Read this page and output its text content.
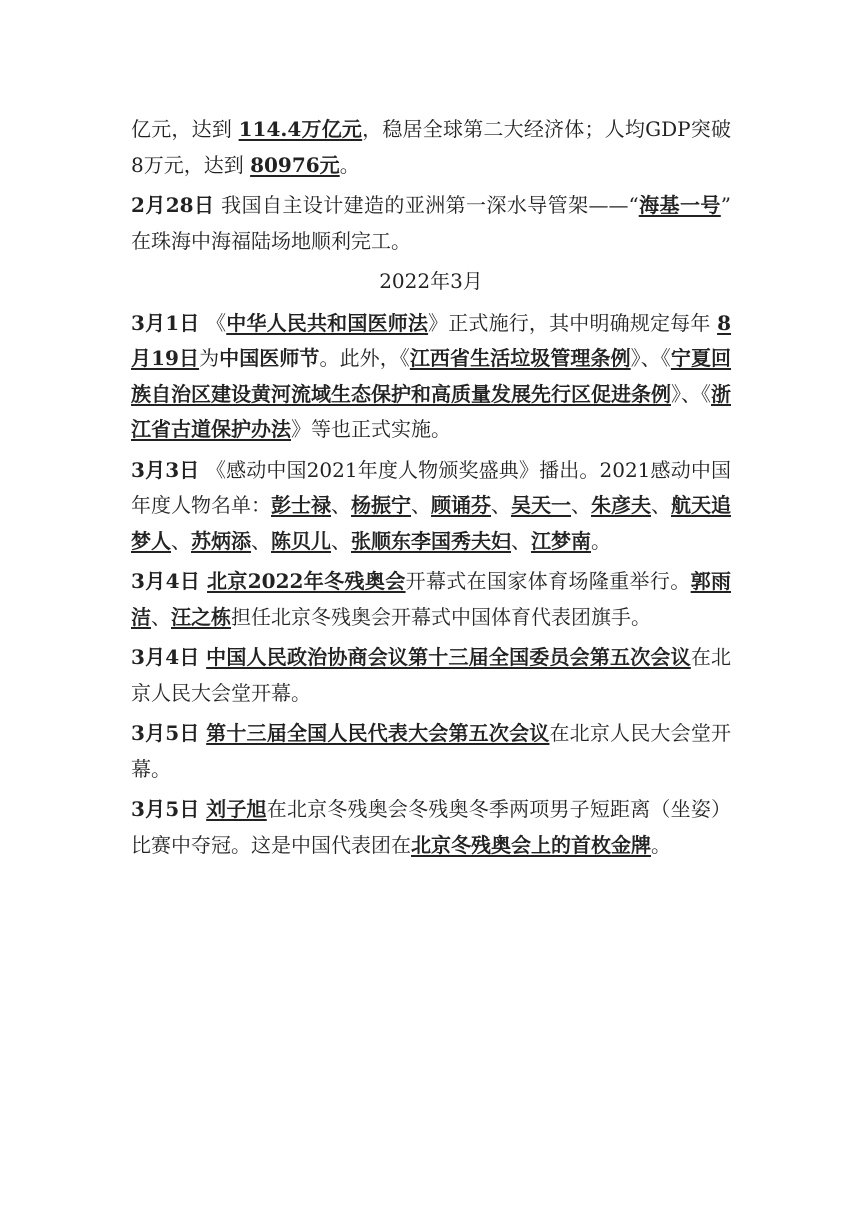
亿元，达到 114.4万亿元，稳居全球第二大经济体；人均GDP突破8万元，达到 80976元。

2月28日 我国自主设计建造的亚洲第一深水导管架——“海基一号” 在珠海中海福陆场地顺利完工。

2022年3月

3月1日 《中华人民共和国医师法》正式施行，其中明确规定每年 8月19日为中国医师节。此外，《江西省生活垃圾管理条例》、《宁夏回族自治区建设黄河流域生态保护和高质量发展先行区促进条例》、《浙江省古道保护办法》等也正式实施。

3月3日 《感动中国2021年度人物颁奖盛典》播出。2021感动中国年度人物名单：彭士禄、杨振宁、顾诵芬、吴天一、朱彦夫、航天追梦人、苏炳添、陈贝儿、张顺东李国秀夫妇、江梦南。

3月4日 北京2022年冬残奥会开幕式在国家体育场隆重举行。郭雨洁、汪之栋担任北京冬残奥会开幕式中国体育代表团旗手。

3月4日 中国人民政治协商会议第十三届全国委员会第五次会议在北京人民大会堂开幕。

3月5日 第十三届全国人民代表大会第五次会议在北京人民大会堂开幕。

3月5日 刘子旭在北京冬残奥会冬残奥冬季两项男子短距离（坐姿）比赛中夺冠。这是中国代表团在北京冬残奥会上的首枚金牌。
